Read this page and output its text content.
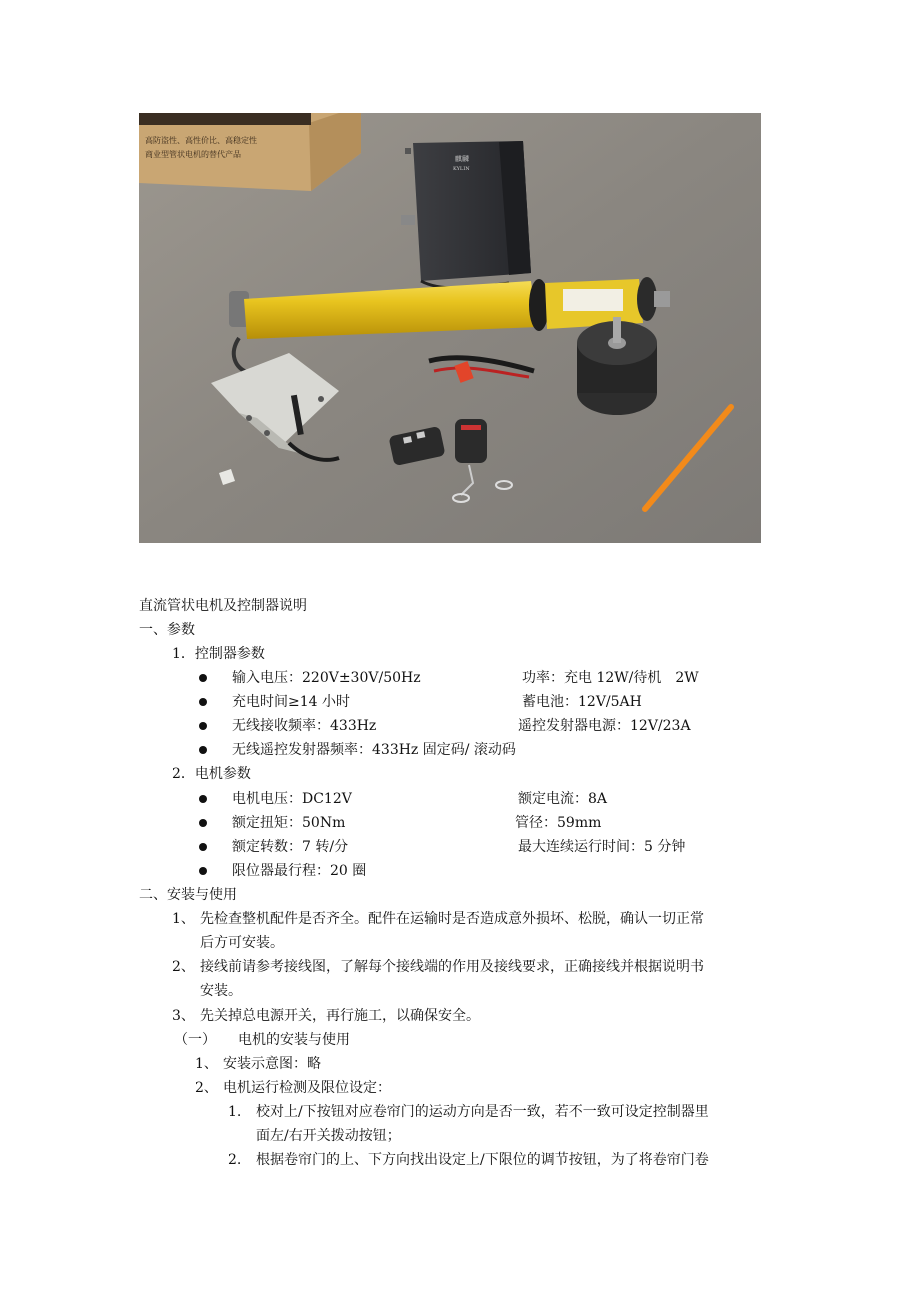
高防盗性、高性价比、高稳定性
商业型管状电机的替代产品	麒麟
KYLIN
直流管状电机及控制器说明
一、参数
1．控制器参数
输入电压：220V±30V/50Hz	功率：充电 12W/待机　2W
充电时间≥14 小时	蓄电池：12V/5AH
无线接收频率：433Hz	遥控发射器电源：12V/23A
无线遥控发射器频率：433Hz 固定码/ 滚动码
2．电机参数
电机电压：DC12V	额定电流：8A
额定扭矩：50Nm	管径：59mm
额定转数：7 转/分	最大连续运行时间：5 分钟
限位器最行程：20 圈
二、安装与使用
1、 先检查整机配件是否齐全。配件在运输时是否造成意外损坏、松脱，确认一切正常
后方可安装。
2、 接线前请参考接线图，了解每个接线端的作用及接线要求，正确接线并根据说明书
安装。
3、 先关掉总电源开关，再行施工，以确保安全。
（一） 电机的安装与使用
1、 安装示意图：略
2、 电机运行检测及限位设定：
1. 校对上/下按钮对应卷帘门的运动方向是否一致，若不一致可设定控制器里
面左/右开关拨动按钮；
2. 根据卷帘门的上、下方向找出设定上/下限位的调节按钮，为了将卷帘门卷
